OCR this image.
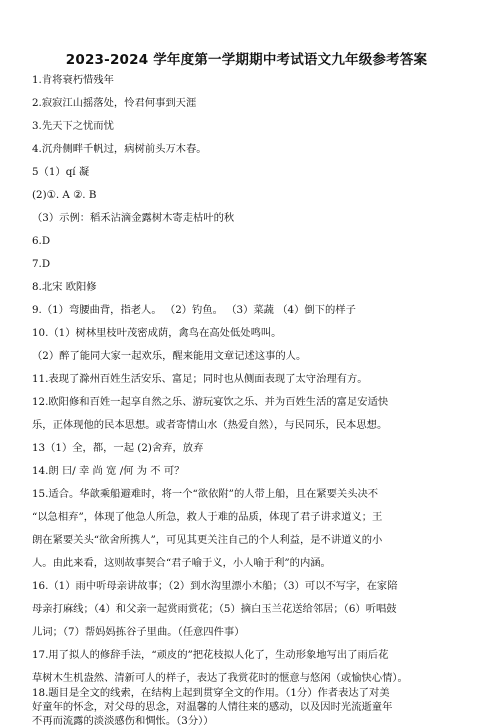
2023-2024 学年度第一学期期中考试语文九年级参考答案
1.肯将衰朽惜残年
2.寂寂江山摇落处，怜君何事到天涯
3.先天下之忧而忧
4.沉舟侧畔千帆过，病树前头万木春。
5（1）qí 凝
(2)①. A ②. B
（3）示例：稻禾沾滴金露树木寄走枯叶的秋
6.D
7.D
8.北宋 欧阳修
9.（1）弯腰曲背，指老人。 （2）钓鱼。 （3）菜蔬 （4）倒下的样子
10.（1）树林里枝叶茂密成荫，禽鸟在高处低处鸣叫。
（2）醉了能同大家一起欢乐，醒来能用文章记述这事的人。
11.表现了滁州百姓生活安乐、富足；同时也从侧面表现了太守治理有方。
12.欧阳修和百姓一起享自然之乐、游玩宴饮之乐、并为百姓生活的富足安适快
乐，正体现他的民本思想。或者寄情山水（热爱自然），与民同乐，民本思想。
13（1）全，都，一起 (2)舍弃，放弃
14.朗 曰/ 幸 尚 宽 /何 为 不 可？
15.适合。华歆乘船避难时，将一个“欲依附”的人带上船，且在紧要关头决不
“以急相弃”，体现了他急人所急，救人于难的品质，体现了君子讲求道义；王
朗在紧要关头“欲舍所携人”，可见其更关注自己的个人利益，是不讲道义的小
人。由此来看，这则故事契合“君子喻于义，小人喻于利”的内涵。
16.（1）雨中听母亲讲故事；（2）到水沟里漂小木船；（3）可以不写字，在家陪
母亲打麻线；（4）和父亲一起赏雨赏花；（5）摘白玉兰花送给邻居；（6）听唱鼓
儿词；（7）帮妈妈拣谷子里曲。（任意四件事）
17.用了拟人的修辞手法，“顽皮的”把花枝拟人化了，生动形象地写出了雨后花
草树木生机盎然、清新可人的样子，表达了我赏花时的惬意与悠闲（或愉快心情）。
18.题目是全文的线索，在结构上起到贯穿全文的作用。（1分）作者表达了对美
好童年的怀念，对父母的思念，对温馨的人情往来的感动，以及因时光流逝童年
不再而流露的淡淡感伤和惆怅。（3分））
